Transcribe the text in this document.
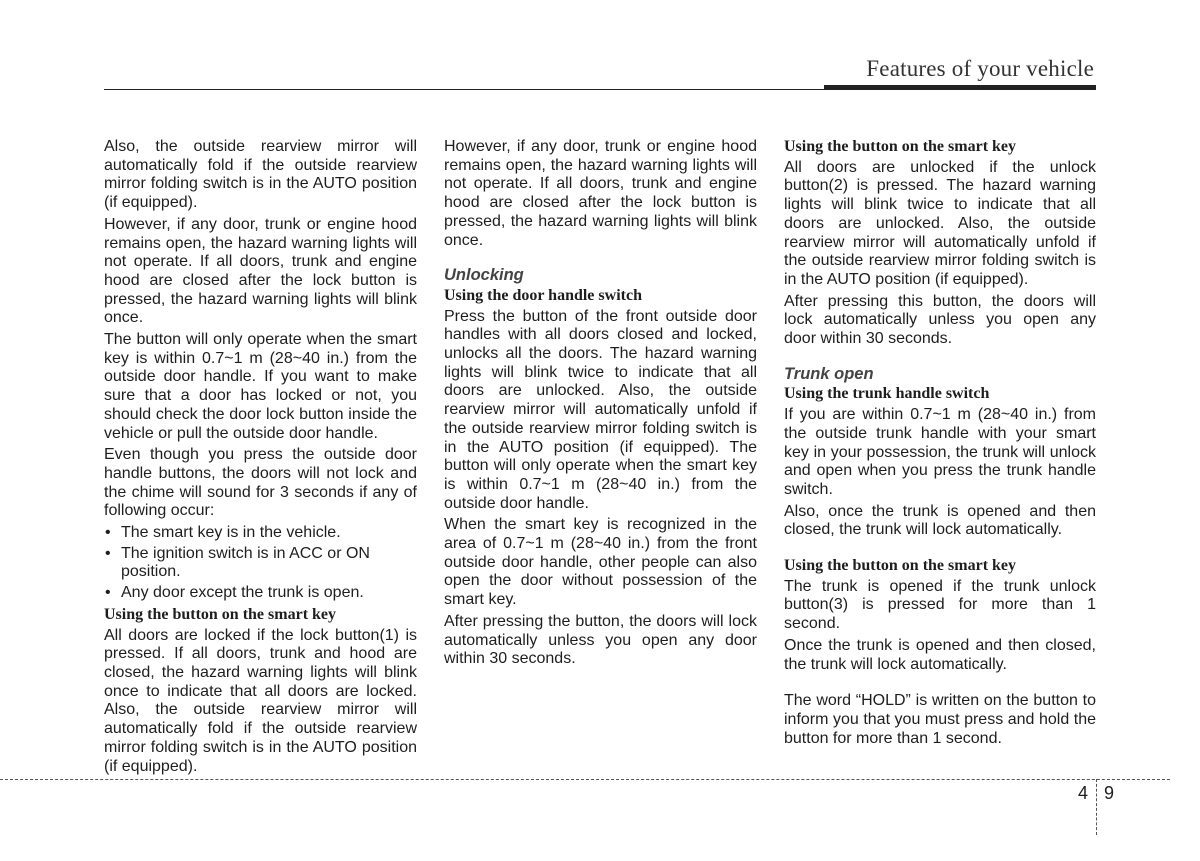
Features of your vehicle

Also, the outside rearview mirror will automatically fold if the outside rearview mirror folding switch is in the AUTO position (if equipped).

However, if any door, trunk or engine hood remains open, the hazard warning lights will not operate. If all doors, trunk and engine hood are closed after the lock button is pressed, the hazard warning lights will blink once.

The button will only operate when the smart key is within 0.7~1 m (28~40 in.) from the outside door handle. If you want to make sure that a door has locked or not, you should check the door lock button inside the vehicle or pull the outside door handle.

Even though you press the outside door handle buttons, the doors will not lock and the chime will sound for 3 seconds if any of following occur:

• The smart key is in the vehicle.
• The ignition switch is in ACC or ON position.
• Any door except the trunk is open.
Using the button on the smart key

All doors are locked if the lock button(1) is pressed. If all doors, trunk and hood are closed, the hazard warning lights will blink once to indicate that all doors are locked. Also, the outside rearview mirror will automatically fold if the outside rearview mirror folding switch is in the AUTO position (if equipped).

However, if any door, trunk or engine hood remains open, the hazard warning lights will not operate. If all doors, trunk and engine hood are closed after the lock button is pressed, the hazard warning lights will blink once.

Unlocking
Using the door handle switch

Press the button of the front outside door handles with all doors closed and locked, unlocks all the doors. The hazard warning lights will blink twice to indicate that all doors are unlocked. Also, the outside rearview mirror will automatically unfold if the outside rearview mirror folding switch is in the AUTO position (if equipped). The button will only operate when the smart key is within 0.7~1 m (28~40 in.) from the outside door handle.

When the smart key is recognized in the area of 0.7~1 m (28~40 in.) from the front outside door handle, other people can also open the door without possession of the smart key.

After pressing the button, the doors will lock automatically unless you open any door within 30 seconds.

Using the button on the smart key

All doors are unlocked if the unlock button(2) is pressed. The hazard warning lights will blink twice to indicate that all doors are unlocked. Also, the outside rearview mirror will automatically unfold if the outside rearview mirror folding switch is in the AUTO position (if equipped).

After pressing this button, the doors will lock automatically unless you open any door within 30 seconds.

Trunk open
Using the trunk handle switch

If you are within 0.7~1 m (28~40 in.) from the outside trunk handle with your smart key in your possession, the trunk will unlock and open when you press the trunk handle switch.

Also, once the trunk is opened and then closed, the trunk will lock automatically.

Using the button on the smart key

The trunk is opened if the trunk unlock button(3) is pressed for more than 1 second.

Once the trunk is opened and then closed, the trunk will lock automatically.

The word “HOLD” is written on the button to inform you that you must press and hold the button for more than 1 second.

4 9
